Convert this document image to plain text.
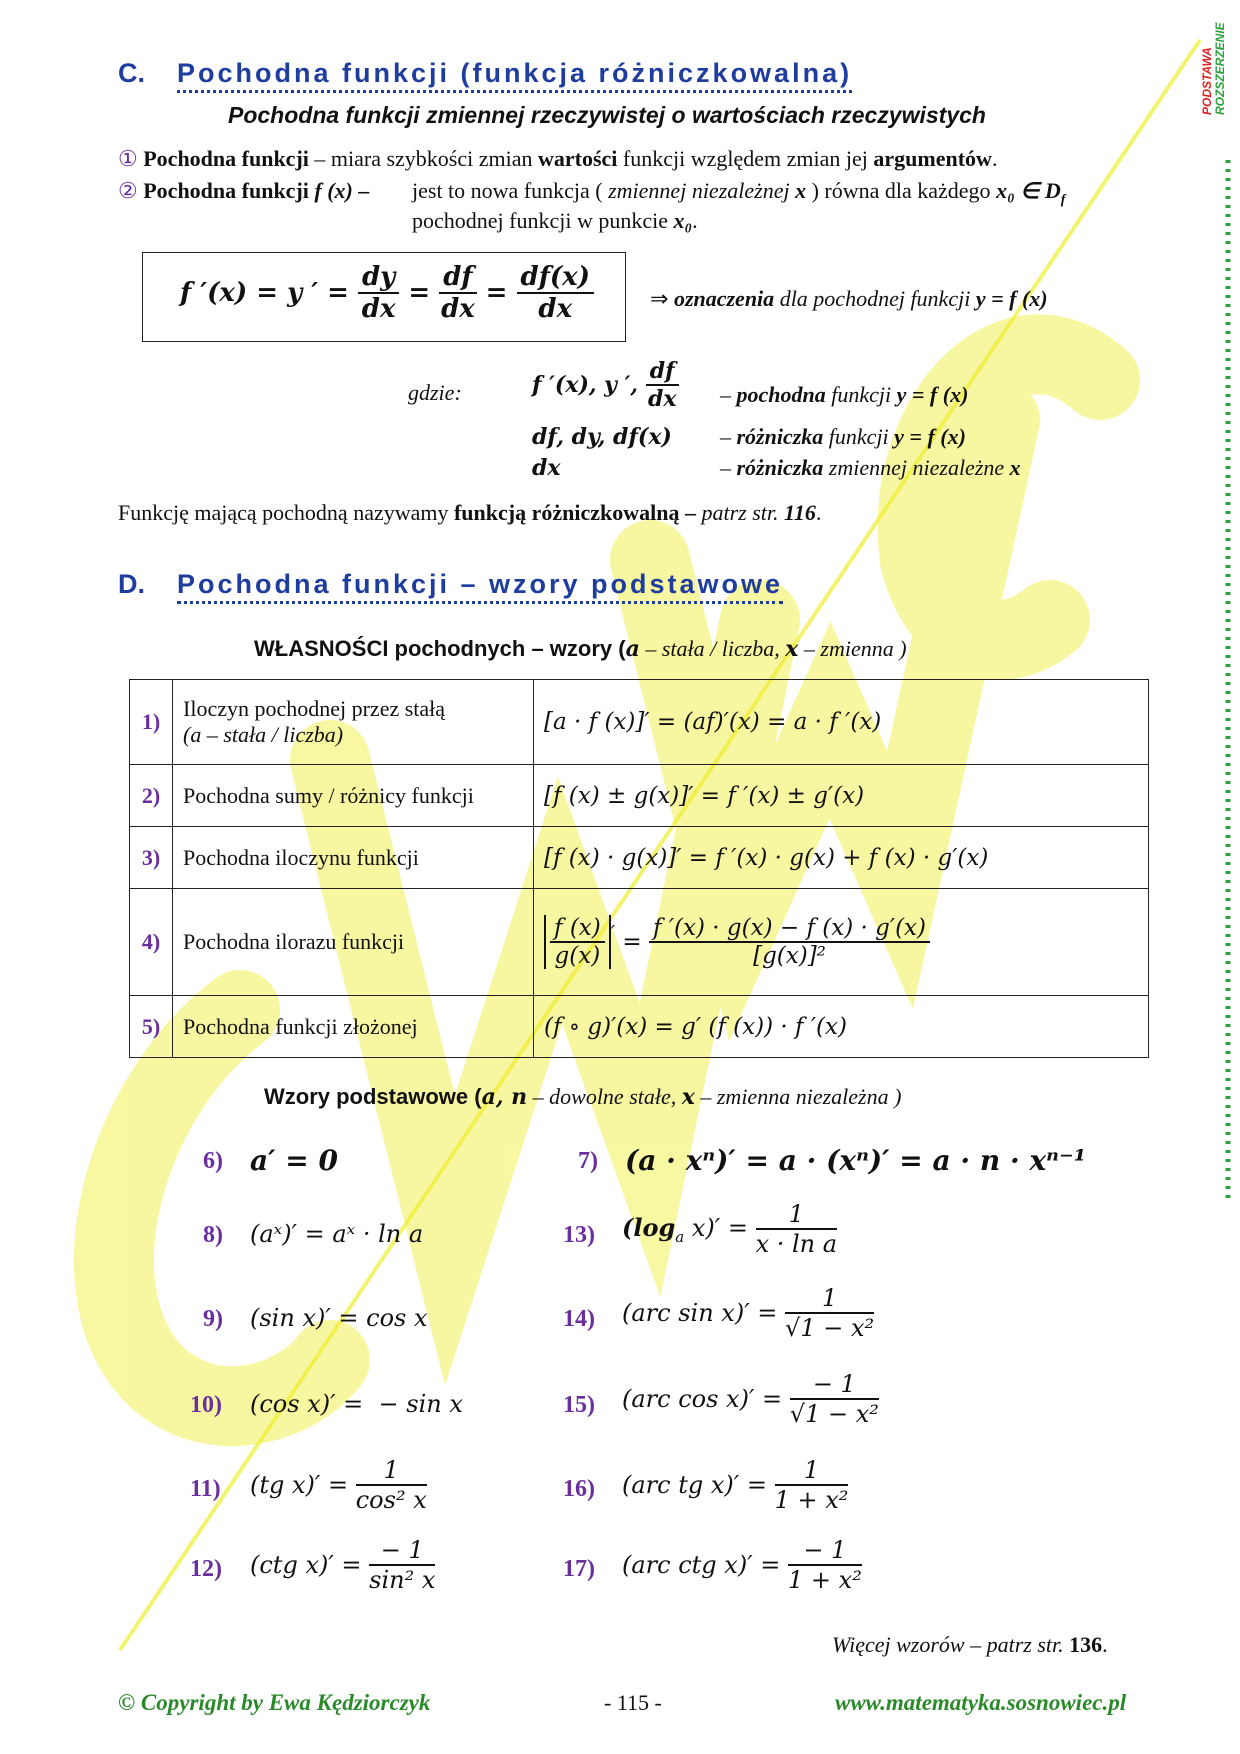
PODSTAWA ROZSZERZENIE
C. Pochodna funkcji (funkcja różniczkowalna)
Pochodna funkcji zmiennej rzeczywistej o wartościach rzeczywistych
① Pochodna funkcji – miara szybkości zmian wartości funkcji względem zmian jej argumentów.
② Pochodna funkcji f (x) – jest to nowa funkcja ( zmiennej niezależnej x ) równa dla każdego x₀ ∈ $D_f$
pochodnej funkcji w punkcie x₀.
f ′(x) = y ′ = $\frac{dy}{dx} = \frac{df}{dx} = \frac{df(x)}{dx}$	⇒ oznaczenia dla pochodnej funkcji y = f (x)
gdzie:	f ′(x), y ′, $\frac{df}{dx}$ – pochodna funkcji y = f (x)
df, dy, df(x) – różniczka funkcji y = f (x)
dx	– różniczka zmiennej niezależne x
Funkcję mającą pochodną nazywamy funkcją różniczkowalną – patrz str. 116.
D. Pochodna funkcji – wzory podstawowe
WŁASNOŚCI pochodnych – wzory (a – stała / liczba, x – zmienna )
1)	Iloczyn pochodnej przez stałą
(a – stała / liczba)	[a · f (x)]′ = (af)′(x) = a · f ′(x)
2)	Pochodna sumy / różnicy funkcji	[f (x) ± g(x)]′ = f ′(x) ± g′(x)
3)	Pochodna iloczynu funkcji	[f (x) · g(x)]′ = f ′(x) · g(x) + f (x) · g′(x)
4)	Pochodna ilorazu funkcji	$\frac{f (x)}{g(x)} ' = \frac{f '(x) \cdot g(x) - f (x) \cdot g'(x)}{\text{[g(x)]²}}$

5)	Pochodna funkcji złożonej	(f ∘ g)′(x) = g′ (f (x)) · f ′(x)
Wzory podstawowe (a, n – dowolne stałe, x – zmienna niezależna )
6) a′ = 0	7) (a · xⁿ)′ = a · (xⁿ)′ = a · n · xⁿ⁻¹
8) (aˣ)′ = aˣ · ln a	13) ($\log_a$ $x)' = \frac{1}{\text{x · ln a}}$
9) (sin x)′ = cos x	14) (arc $\sin x)' = \frac{1}{\text{√1 − x²}}$
10) (cos x)′ =  − sin x	15) (arc $\cos x)' = \frac{- 1}{\text{√1 − x²}}$
11) (tg $x)' = \frac{1}{\text{cos² x}}$	16) (arc tg $x)' = \frac{1}{\text{1 + x²}}$
12) (ctg $x)' = \frac{- 1}{\text{sin² x}}$	17) (arc ctg $x)' = \frac{- 1}{\text{1 + x²}}$
Więcej wzorów – patrz str. 136.
© Copyright by Ewa Kędziorczyk	- 115 -	www.matematyka.sosnowiec.pl
